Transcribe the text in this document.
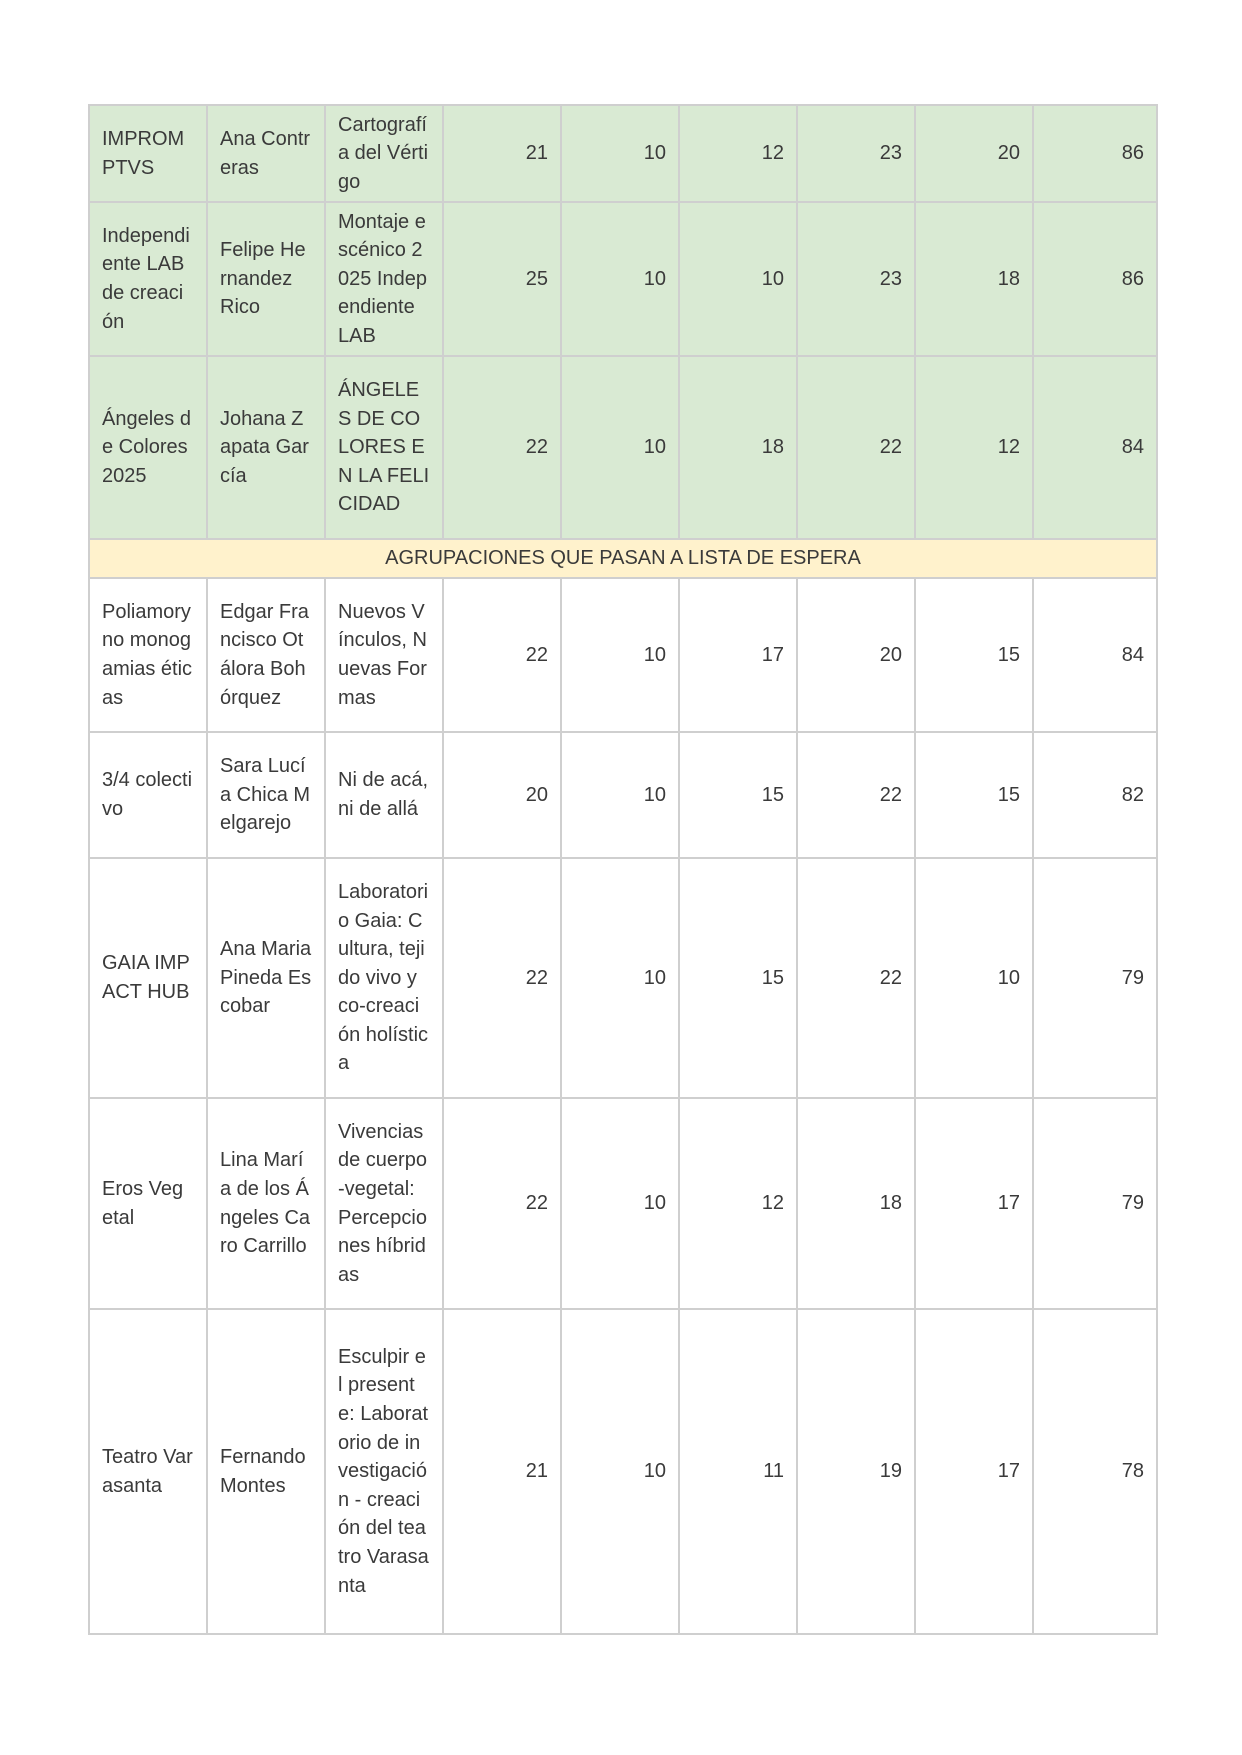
IMPROMPTVS	Ana Contreras	Cartografía del Vértigo	21	10	12	23	20	86
Independiente LAB de creación	Felipe Hernandez Rico	Montaje escénico 2025 Independiente LAB	25	10	10	23	18	86
Ángeles de Colores 2025	Johana Zapata García	ÁNGELES DE COLORES EN LA FELICIDAD	22	10	18	22	12	84
AGRUPACIONES QUE PASAN A LISTA DE ESPERA								
Poliamory no monogamias éticas	Edgar Francisco Otálora Bohórquez	Nuevos Vínculos, Nuevas Formas	22	10	17	20	15	84
3/4 colectivo	Sara Lucía Chica Melgarejo	Ni de acá, ni de allá	20	10	15	22	15	82
GAIA IMPACT HUB	Ana Maria Pineda Escobar	Laboratorio Gaia: Cultura, tejido vivo y co-creación holística	22	10	15	22	10	79
Eros Vegetal	Lina María de los Ángeles Caro Carrillo	Vivencias de cuerpo-vegetal: Percepciones híbridas	22	10	12	18	17	79
Teatro Varasanta	Fernando Montes	Esculpir el presente: Laboratorio de investigación - creación del teatro Varasanta	21	10	11	19	17	78
